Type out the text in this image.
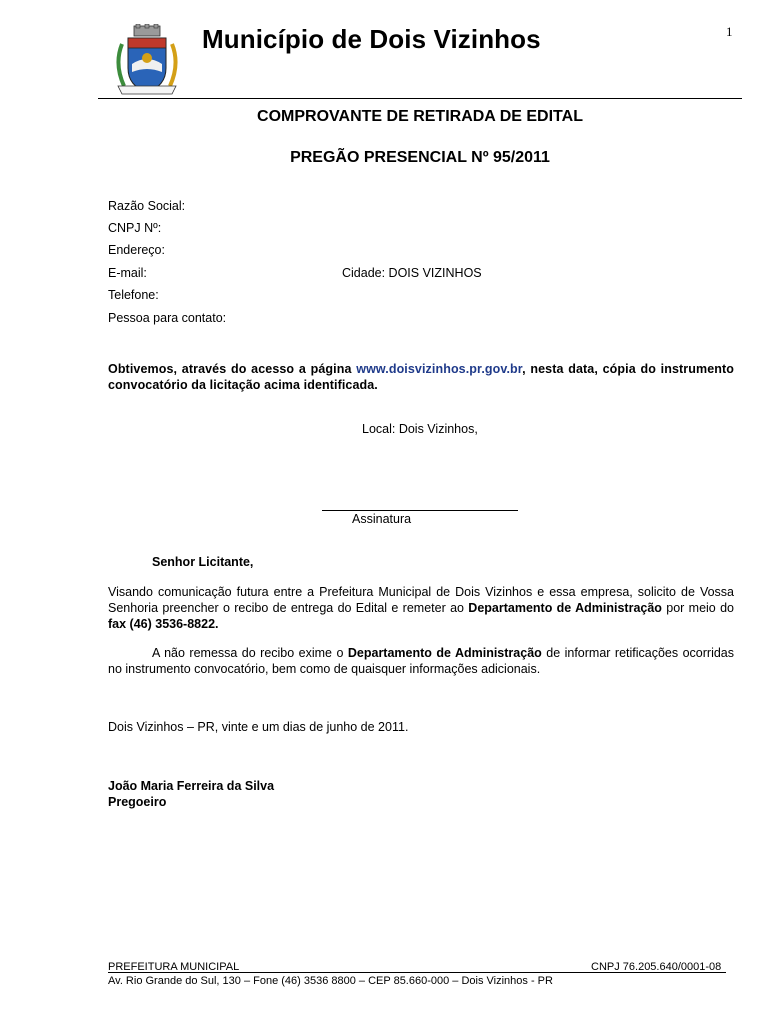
1
Município de Dois Vizinhos
COMPROVANTE DE RETIRADA DE EDITAL
PREGÃO PRESENCIAL Nº 95/2011
Razão Social:
CNPJ Nº:
Endereço:
E-mail:	Cidade: DOIS VIZINHOS
Telefone:
Pessoa para contato:
Obtivemos, através do acesso a página www.doisvizinhos.pr.gov.br, nesta data, cópia do instrumento convocatório da licitação acima identificada.
Local: Dois Vizinhos,
Assinatura
Senhor Licitante,
Visando comunicação futura entre a Prefeitura Municipal de Dois Vizinhos e essa empresa, solicito de Vossa Senhoria preencher o recibo de entrega do Edital e remeter ao Departamento de Administração por meio do fax (46) 3536-8822.
A não remessa do recibo exime o Departamento de Administração de informar retificações ocorridas no instrumento convocatório, bem como de quaisquer informações adicionais.
Dois Vizinhos – PR, vinte e um dias de junho de 2011.
João Maria Ferreira da Silva
Pregoeiro
PREFEITURA MUNICIPAL	CNPJ 76.205.640/0001-08
Av. Rio Grande do Sul, 130 – Fone (46) 3536 8800 – CEP 85.660-000 – Dois Vizinhos - PR
